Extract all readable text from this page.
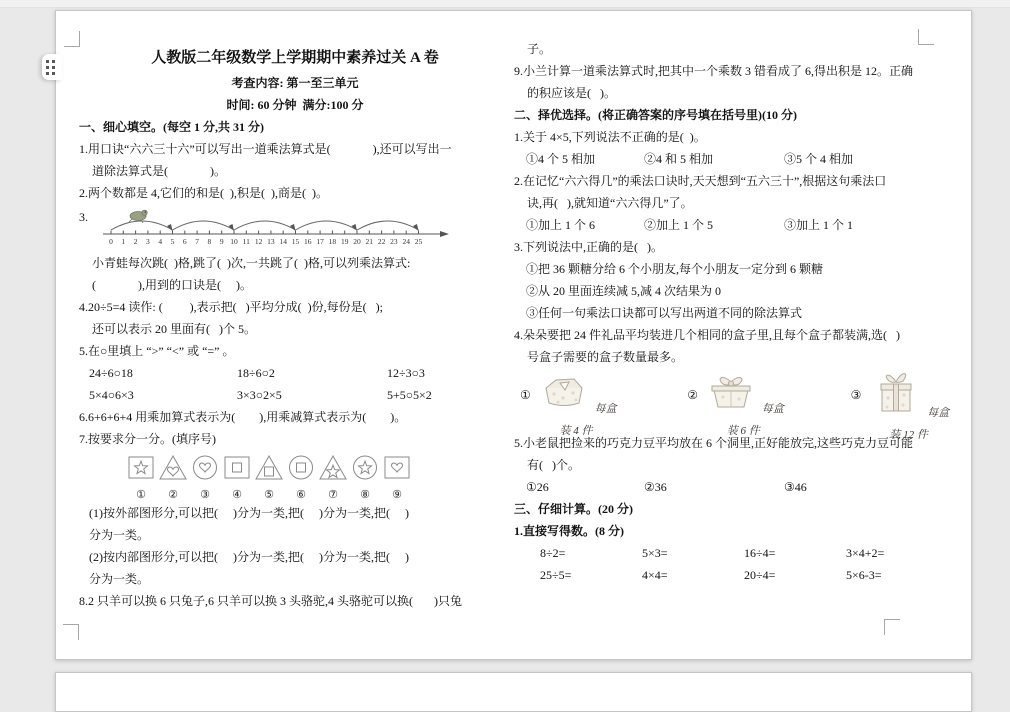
人教版二年级数学上学期期中素养过关 A 卷
考查内容: 第一至三单元
时间: 60 分钟  满分:100 分
一、细心填空。(每空 1 分,共 31 分)
1.用口诀“六六三十六”可以写出一道乘法算式是(              ),还可以写出一
道除法算式是(              )。
2.两个数都是 4,它们的和是(  ),积是(  ),商是(  )。
3.
0 1 2 3 4 5 6 7 8 9 10 11 12 13 14 15 16 17 18 19 20 21 22 23 24 25
小青蛙每次跳(  )格,跳了(  )次,一共跳了(  )格,可以列乘法算式:
(              ),用到的口诀是(     )。
4.20÷5=4 读作: (         ),表示把(   )平均分成(  )份,每份是(   );
还可以表示 20 里面有(   )个 5。
5.在○里填上 “>” “<” 或 “=” 。
24÷6○18	18÷6○2	12÷3○3
5×4○6×3	3×3○2×5	5+5○5×2
6.6+6+6+4 用乘加算式表示为(        ),用乘减算式表示为(        )。
7.按要求分一分。(填序号)
①	②	③	④	⑤	⑥	⑦	⑧	⑨
(1)按外部图形分,可以把(     )分为一类,把(     )分为一类,把(     )
分为一类。
(2)按内部图形分,可以把(     )分为一类,把(     )分为一类,把(     )
分为一类。
8.2 只羊可以换 6 只兔子,6 只羊可以换 3 头骆驼,4 头骆驼可以换(       )只兔
子。
9.小兰计算一道乘法算式时,把其中一个乘数 3 错看成了 6,得出积是 12。正确
的积应该是(   )。
二、择优选择。(将正确答案的序号填在括号里)(10 分)
1.关于 4×5,下列说法不正确的是(  )。
①4 个 5 相加	②4 和 5 相加	③5 个 4 相加
2.在记忆“六六得几”的乘法口诀时,天天想到“五六三十”,根据这句乘法口
诀,再(   ),就知道“六六得几”了。
①加上 1 个 6	②加上 1 个 5	③加上 1 个 1
3.下列说法中,正确的是(   )。
①把 36 颗糖分给 6 个小朋友,每个小朋友一定分到 6 颗糖
②从 20 里面连续减 5,减 4 次结果为 0
③任何一句乘法口诀都可以写出两道不同的除法算式
4.朵朵要把 24 件礼品平均装进几个相同的盒子里,且每个盒子都装满,选(   )
号盒子需要的盒子数量最多。
①
每盒装 4 件
②
每盒装 6 件
③
每盒装 12 件
5.小老鼠把捡来的巧克力豆平均放在 6 个洞里,正好能放完,这些巧克力豆可能
有(   )个。
①26	②36	③46
三、仔细计算。(20 分)
1.直接写得数。(8 分)
8÷2=	5×3=	16÷4=	3×4+2=
25÷5=	4×4=	20÷4=	5×6-3=
